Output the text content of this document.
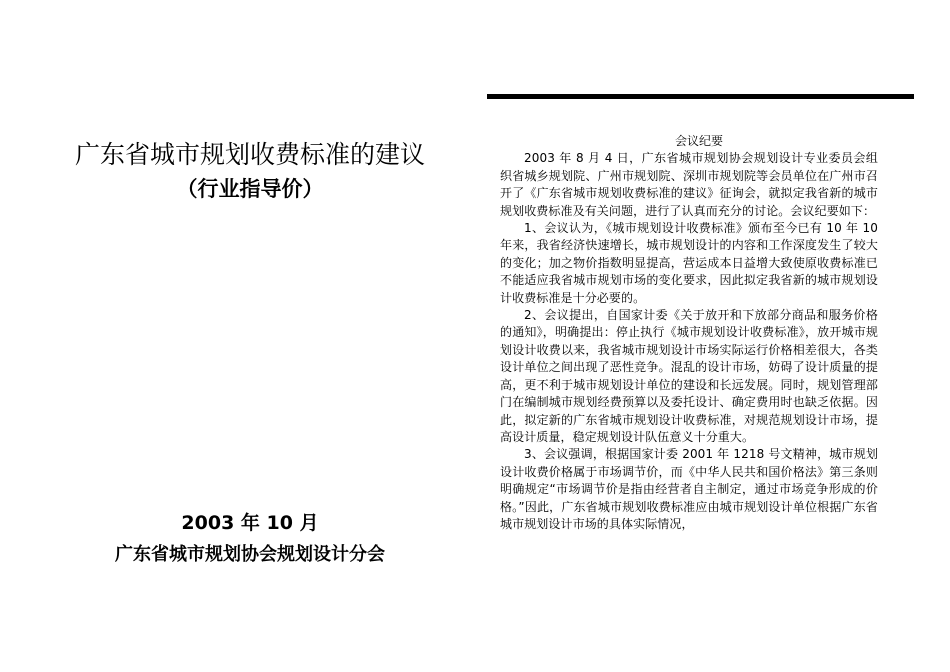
广东省城市规划收费标准的建议
（行业指导价）
2003 年 10 月
广东省城市规划协会规划设计分会

会议纪要

2003 年 8 月 4 日，广东省城市规划协会规划设计专业委员会组织省城乡规划院、广州市规划院、深圳市规划院等会员单位在广州市召开了《广东省城市规划收费标准的建议》征询会，就拟定我省新的城市规划收费标准及有关问题，进行了认真而充分的讨论。会议纪要如下：

1、会议认为，《城市规划设计收费标准》颁布至今已有 10 年 10 年来，我省经济快速增长，城市规划设计的内容和工作深度发生了较大的变化；加之物价指数明显提高，营运成本日益增大致使原收费标准已不能适应我省城市规划市场的变化要求，因此拟定我省新的城市规划设计收费标准是十分必要的。

2、会议提出，自国家计委《关于放开和下放部分商品和服务价格的通知》，明确提出：停止执行《城市规划设计收费标准》，放开城市规划设计收费以来，我省城市规划设计市场实际运行价格相差很大，各类设计单位之间出现了恶性竞争。混乱的设计市场，妨碍了设计质量的提高，更不利于城市规划设计单位的建设和长远发展。同时，规划管理部门在编制城市规划经费预算以及委托设计、确定费用时也缺乏依据。因此，拟定新的广东省城市规划设计收费标准，对规范规划设计市场，提高设计质量，稳定规划设计队伍意义十分重大。

3、会议强调，根据国家计委 2001 年 1218 号文精神，城市规划设计收费价格属于市场调节价，而《中华人民共和国价格法》第三条则明确规定“市场调节价是指由经营者自主制定，通过市场竞争形成的价格。”因此，广东省城市规划收费标准应由城市规划设计单位根据广东省城市规划设计市场的具体实际情况，
